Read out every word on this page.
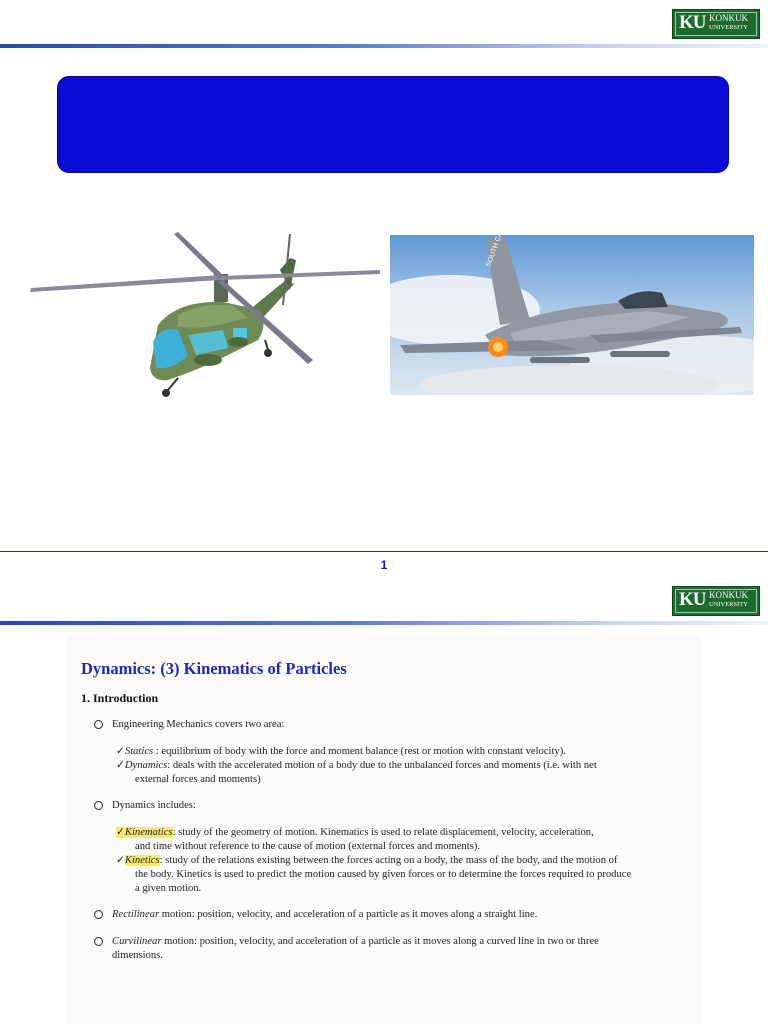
KU KONKUK
UNIVERSITY
1
KU KONKUK
UNIVERSITY
Dynamics: (3) Kinematics of Particles
1. Introduction
Engineering Mechanics covers two area:
✓Statics : equilibrium of body with the force and moment balance (rest or motion with constant velocity).
✓Dynamics: deals with the accelerated motion of a body due to the unbalanced forces and moments (i.e. with net
external forces and moments)
Dynamics includes:
✓Kinematics: study of the geometry of motion. Kinematics is used to relate displacement, velocity, acceleration,
and time without reference to the cause of motion (external forces and moments).
✓Kinetics: study of the relations existing between the forces acting on a body, the mass of the body, and the motion of
the body. Kinetics is used to predict the motion caused by given forces or to determine the forces required to produce
a given motion.
Rectilinear motion: position, velocity, and acceleration of a particle as it moves along a straight line.
Curvilinear motion: position, velocity, and acceleration of a particle as it moves along a curved line in two or three
dimensions.
